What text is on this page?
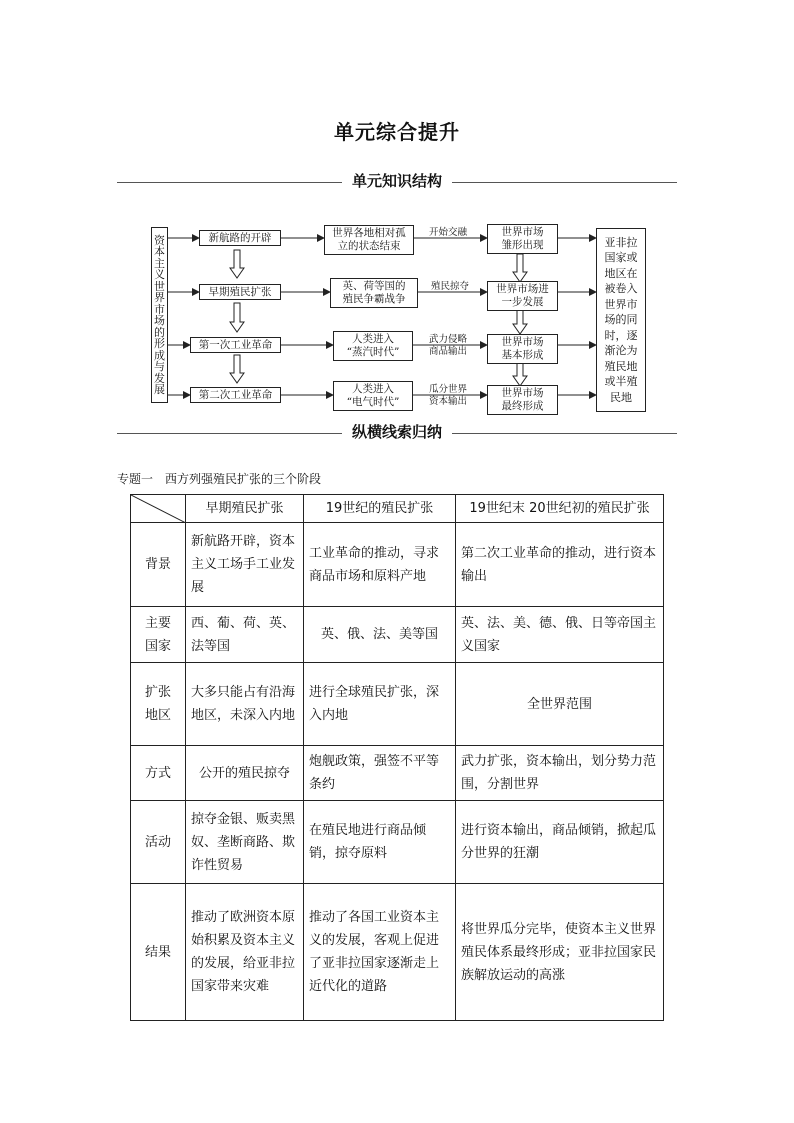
单元综合提升
单元知识结构
资本主义世界市场的形成与发展
新航路的开辟
早期殖民扩张
第一次工业革命
第二次工业革命
世界各地相对孤
立的状态结束
英、荷等国的
殖民争霸战争
人类进入
“蒸汽时代”
人类进入
“电气时代”
开始交融
殖民掠夺
武力侵略
商品输出
瓜分世界
资本输出
世界市场
雏形出现
世界市场进
一步发展
世界市场
基本形成
世界市场
最终形成
亚非拉国家或地区在被卷入世界市场的同时，逐渐沦为殖民地或半殖民地
纵横线索归纳
专题一　西方列强殖民扩张的三个阶段
	早期殖民扩张	19世纪的殖民扩张	19世纪末 20世纪初的殖民扩张
背景	新航路开辟，资本主义工场手工业发展	工业革命的推动，寻求商品市场和原料产地	第二次工业革命的推动，进行资本输出

主要国家	西、葡、荷、英、法等国	英、俄、法、美等国	英、法、美、德、俄、日等帝国主义国家

扩张地区	大多只能占有沿海地区，未深入内地	进行全球殖民扩张，深入内地	全世界范围
方式	公开的殖民掠夺	炮舰政策，强签不平等条约	武力扩张，资本输出，划分势力范围，分割世界
活动	掠夺金银、贩卖黑奴、垄断商路、欺诈性贸易	在殖民地进行商品倾销，掠夺原料	进行资本输出，商品倾销，掀起瓜分世界的狂潮
结果	推动了欧洲资本原始积累及资本主义的发展，给亚非拉国家带来灾难	推动了各国工业资本主义的发展，客观上促进了亚非拉国家逐渐走上近代化的道路	将世界瓜分完毕，使资本主义世界殖民体系最终形成；亚非拉国家民族解放运动的高涨
